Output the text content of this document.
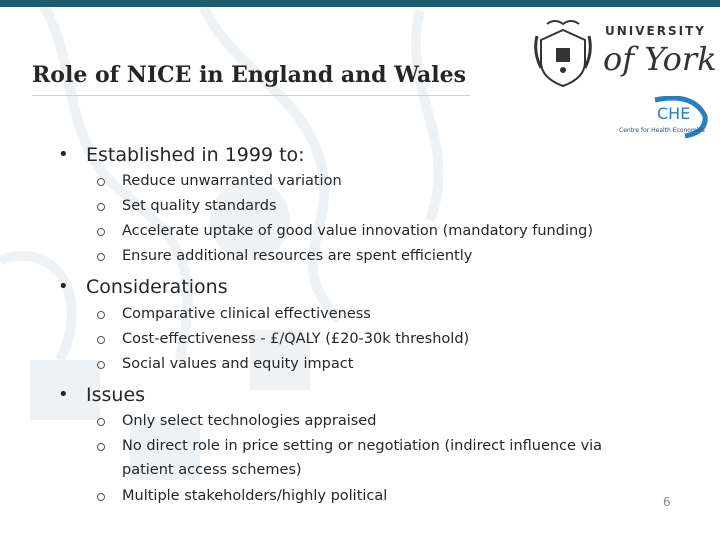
Role of NICE in England and Wales
UNIVERSITY
of York
CHE
Centre for Health Economics
• Established in 1999 to:
Reduce unwarranted variation
Set quality standards
Accelerate uptake of good value innovation (mandatory funding)
Ensure additional resources are spent efficiently
• Considerations
Comparative clinical effectiveness
Cost-effectiveness - £/QALY (£20-30k threshold)
Social values and equity impact
• Issues
Only select technologies appraised
No direct role in price setting or negotiation (indirect influence via
patient access schemes)
Multiple stakeholders/highly political	6
